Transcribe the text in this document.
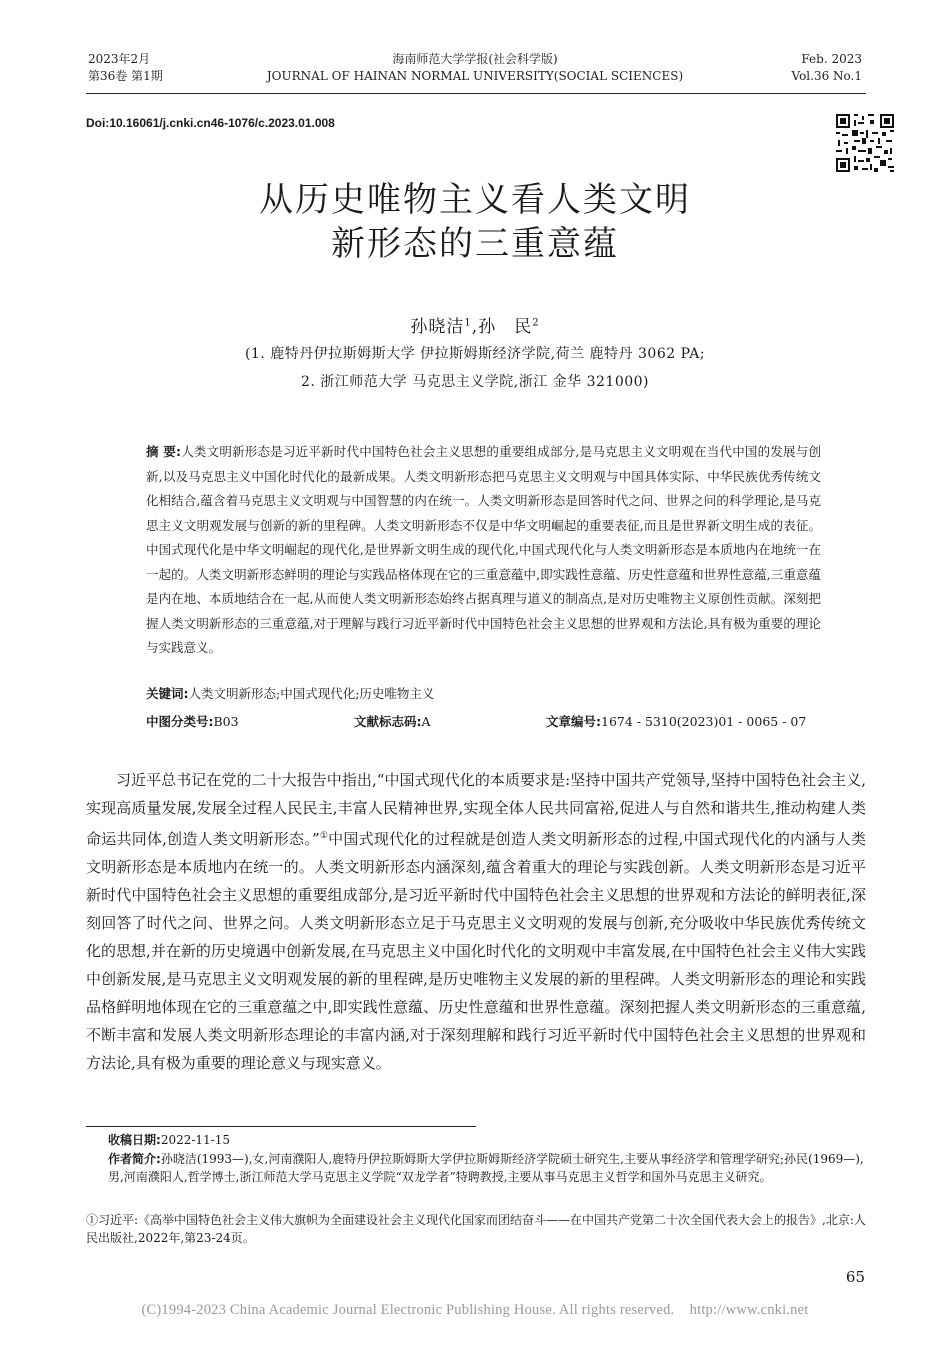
2023年2月
第36卷 第1期
海南师范大学学报(社会科学版)
JOURNAL OF HAINAN NORMAL UNIVERSITY(SOCIAL SCIENCES)
Feb. 2023
Vol.36 No.1
Doi:10.16061/j.cnki.cn46-1076/c.2023.01.008
从历史唯物主义看人类文明
新形态的三重意蕴
孙晓洁$^1$,孙　民$^2$
(1. 鹿特丹伊拉斯姆斯大学 伊拉斯姆斯经济学院,荷兰 鹿特丹 3062 PA;
2. 浙江师范大学 马克思主义学院,浙江 金华 321000)
摘 要:人类文明新形态是习近平新时代中国特色社会主义思想的重要组成部分,是马克思主义文明观在当代中国的发展与创新,以及马克思主义中国化时代化的最新成果。人类文明新形态把马克思主义文明观与中国具体实际、中华民族优秀传统文化相结合,蕴含着马克思主义文明观与中国智慧的内在统一。人类文明新形态是回答时代之问、世界之问的科学理论,是马克思主义文明观发展与创新的新的里程碑。人类文明新形态不仅是中华文明崛起的重要表征,而且是世界新文明生成的表征。中国式现代化是中华文明崛起的现代化,是世界新文明生成的现代化,中国式现代化与人类文明新形态是本质地内在地统一在一起的。人类文明新形态鲜明的理论与实践品格体现在它的三重意蕴中,即实践性意蕴、历史性意蕴和世界性意蕴,三重意蕴是内在地、本质地结合在一起,从而使人类文明新形态始终占据真理与道义的制高点,是对历史唯物主义原创性贡献。深刻把握人类文明新形态的三重意蕴,对于理解与践行习近平新时代中国特色社会主义思想的世界观和方法论,具有极为重要的理论与实践意义。
关键词:人类文明新形态;中国式现代化;历史唯物主义
中图分类号:B03	文献标志码:A	文章编号:1674 - 5310(2023)01 - 0065 - 07

习近平总书记在党的二十大报告中指出,“中国式现代化的本质要求是:坚持中国共产党领导,坚持中国特色社会主义,实现高质量发展,发展全过程人民民主,丰富人民精神世界,实现全体人民共同富裕,促进人与自然和谐共生,推动构建人类命运共同体,创造人类文明新形态。”①中国式现代化的过程就是创造人类文明新形态的过程,中国式现代化的内涵与人类文明新形态是本质地内在统一的。人类文明新形态内涵深刻,蕴含着重大的理论与实践创新。人类文明新形态是习近平新时代中国特色社会主义思想的重要组成部分,是习近平新时代中国特色社会主义思想的世界观和方法论的鲜明表征,深刻回答了时代之问、世界之问。人类文明新形态立足于马克思主义文明观的发展与创新,充分吸收中华民族优秀传统文化的思想,并在新的历史境遇中创新发展,在马克思主义中国化时代化的文明观中丰富发展,在中国特色社会主义伟大实践中创新发展,是马克思主义文明观发展的新的里程碑,是历史唯物主义发展的新的里程碑。人类文明新形态的理论和实践品格鲜明地体现在它的三重意蕴之中,即实践性意蕴、历史性意蕴和世界性意蕴。深刻把握人类文明新形态的三重意蕴,不断丰富和发展人类文明新形态理论的丰富内涵,对于深刻理解和践行习近平新时代中国特色社会主义思想的世界观和方法论,具有极为重要的理论意义与现实意义。

收稿日期:2022-11-15
作者简介:孙晓洁(1993—),女,河南濮阳人,鹿特丹伊拉斯姆斯大学伊拉斯姆斯经济学院硕士研究生,主要从事经济学和管理学研究;孙民(1969—),男,河南濮阳人,哲学博士,浙江师范大学马克思主义学院“双龙学者”特聘教授,主要从事马克思主义哲学和国外马克思主义研究。
①习近平:《高举中国特色社会主义伟大旗帜为全面建设社会主义现代化国家而团结奋斗——在中国共产党第二十次全国代表大会上的报告》,北京:人民出版社,2022年,第23-24页。
65
(C)1994-2023 China Academic Journal Electronic Publishing House. All rights reserved.    http://www.cnki.net
